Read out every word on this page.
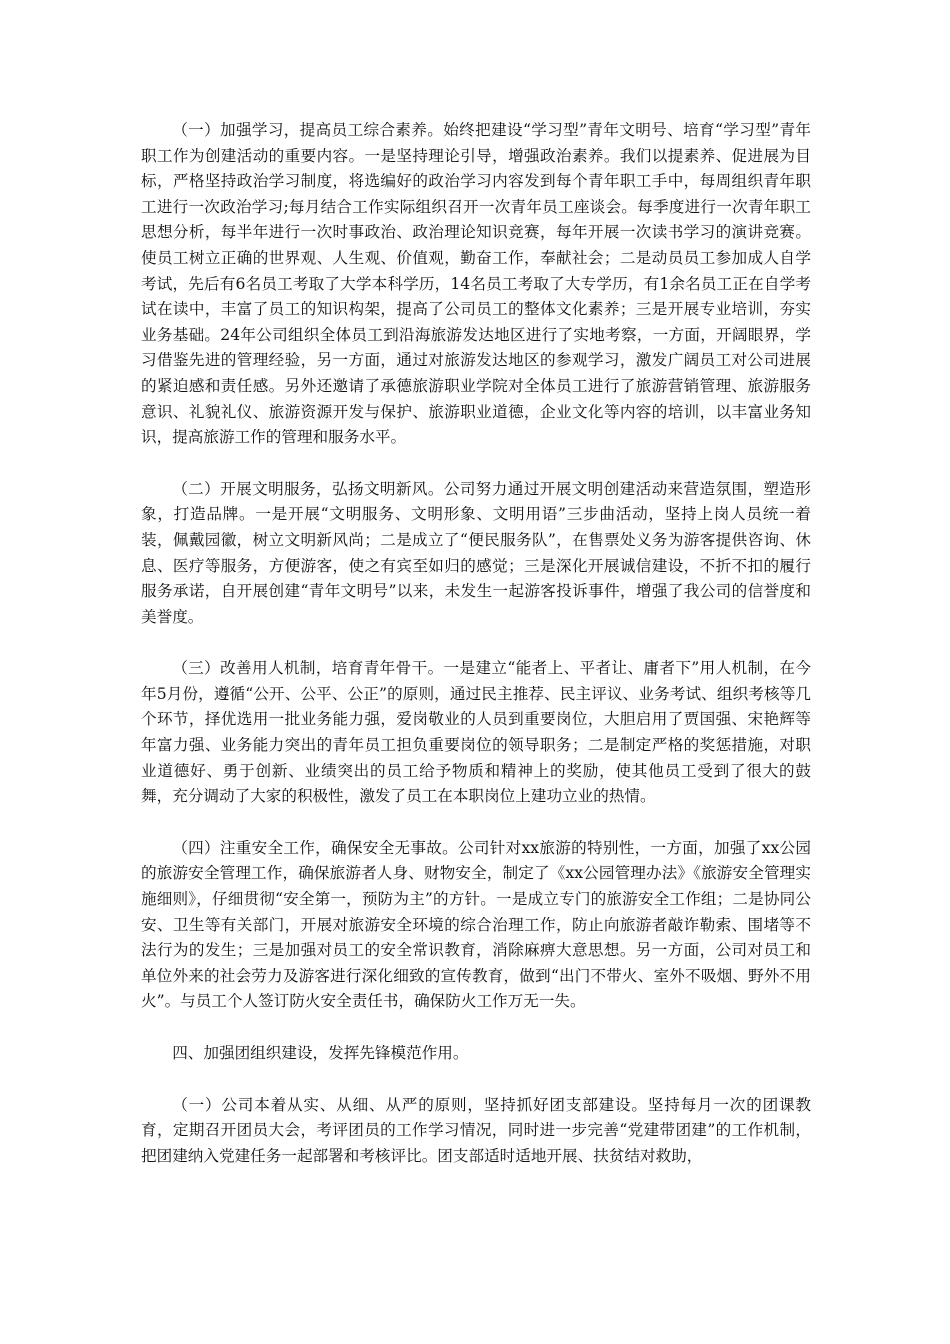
（一）加强学习，提高员工综合素养。始终把建设“学习型”青年文明号、培育“学习型”青年职工作为创建活动的重要内容。一是坚持理论引导，增强政治素养。我们以提素养、促进展为目标，严格坚持政治学习制度，将选编好的政治学习内容发到每个青年职工手中，每周组织青年职工进行一次政治学习;每月结合工作实际组织召开一次青年员工座谈会。每季度进行一次青年职工思想分析，每半年进行一次时事政治、政治理论知识竞赛，每年开展一次读书学习的演讲竞赛。使员工树立正确的世界观、人生观、价值观，勤奋工作，奉献社会；二是动员员工参加成人自学考试，先后有6名员工考取了大学本科学历，14名员工考取了大专学历，有1余名员工正在自学考试在读中，丰富了员工的知识构架，提高了公司员工的整体文化素养；三是开展专业培训，夯实业务基础。24年公司组织全体员工到沿海旅游发达地区进行了实地考察，一方面，开阔眼界，学习借鉴先进的管理经验，另一方面，通过对旅游发达地区的参观学习，激发广阔员工对公司进展的紧迫感和责任感。另外还邀请了承德旅游职业学院对全体员工进行了旅游营销管理、旅游服务意识、礼貌礼仪、旅游资源开发与保护、旅游职业道德，企业文化等内容的培训，以丰富业务知识，提高旅游工作的管理和服务水平。

（二）开展文明服务，弘扬文明新风。公司努力通过开展文明创建活动来营造氛围，塑造形象，打造品牌。一是开展“文明服务、文明形象、文明用语”三步曲活动，坚持上岗人员统一着装，佩戴园徽，树立文明新风尚；二是成立了“便民服务队”，在售票处义务为游客提供咨询、休息、医疗等服务，方便游客，使之有宾至如归的感觉；三是深化开展诚信建设，不折不扣的履行服务承诺，自开展创建“青年文明号”以来，未发生一起游客投诉事件，增强了我公司的信誉度和美誉度。

（三）改善用人机制，培育青年骨干。一是建立“能者上、平者让、庸者下”用人机制，在今年5月份，遵循“公开、公平、公正”的原则，通过民主推荐、民主评议、业务考试、组织考核等几个环节，择优选用一批业务能力强，爱岗敬业的人员到重要岗位，大胆启用了贾国强、宋艳辉等年富力强、业务能力突出的青年员工担负重要岗位的领导职务；二是制定严格的奖惩措施，对职业道德好、勇于创新、业绩突出的员工给予物质和精神上的奖励，使其他员工受到了很大的鼓舞，充分调动了大家的积极性，激发了员工在本职岗位上建功立业的热情。

（四）注重安全工作，确保安全无事故。公司针对xx旅游的特别性，一方面，加强了xx公园的旅游安全管理工作，确保旅游者人身、财物安全，制定了《xx公园管理办法》《旅游安全管理实施细则》，仔细贯彻“安全第一，预防为主”的方针。一是成立专门的旅游安全工作组；二是协同公安、卫生等有关部门，开展对旅游安全环境的综合治理工作，防止向旅游者敲诈勒索、围堵等不法行为的发生；三是加强对员工的安全常识教育，消除麻痹大意思想。另一方面，公司对员工和单位外来的社会劳力及游客进行深化细致的宣传教育，做到“出门不带火、室外不吸烟、野外不用火”。与员工个人签订防火安全责任书，确保防火工作万无一失。

四、加强团组织建设，发挥先锋模范作用。

（一）公司本着从实、从细、从严的原则，坚持抓好团支部建设。坚持每月一次的团课教育，定期召开团员大会，考评团员的工作学习情况，同时进一步完善“党建带团建”的工作机制，把团建纳入党建任务一起部署和考核评比。团支部适时适地开展、扶贫结对救助，
